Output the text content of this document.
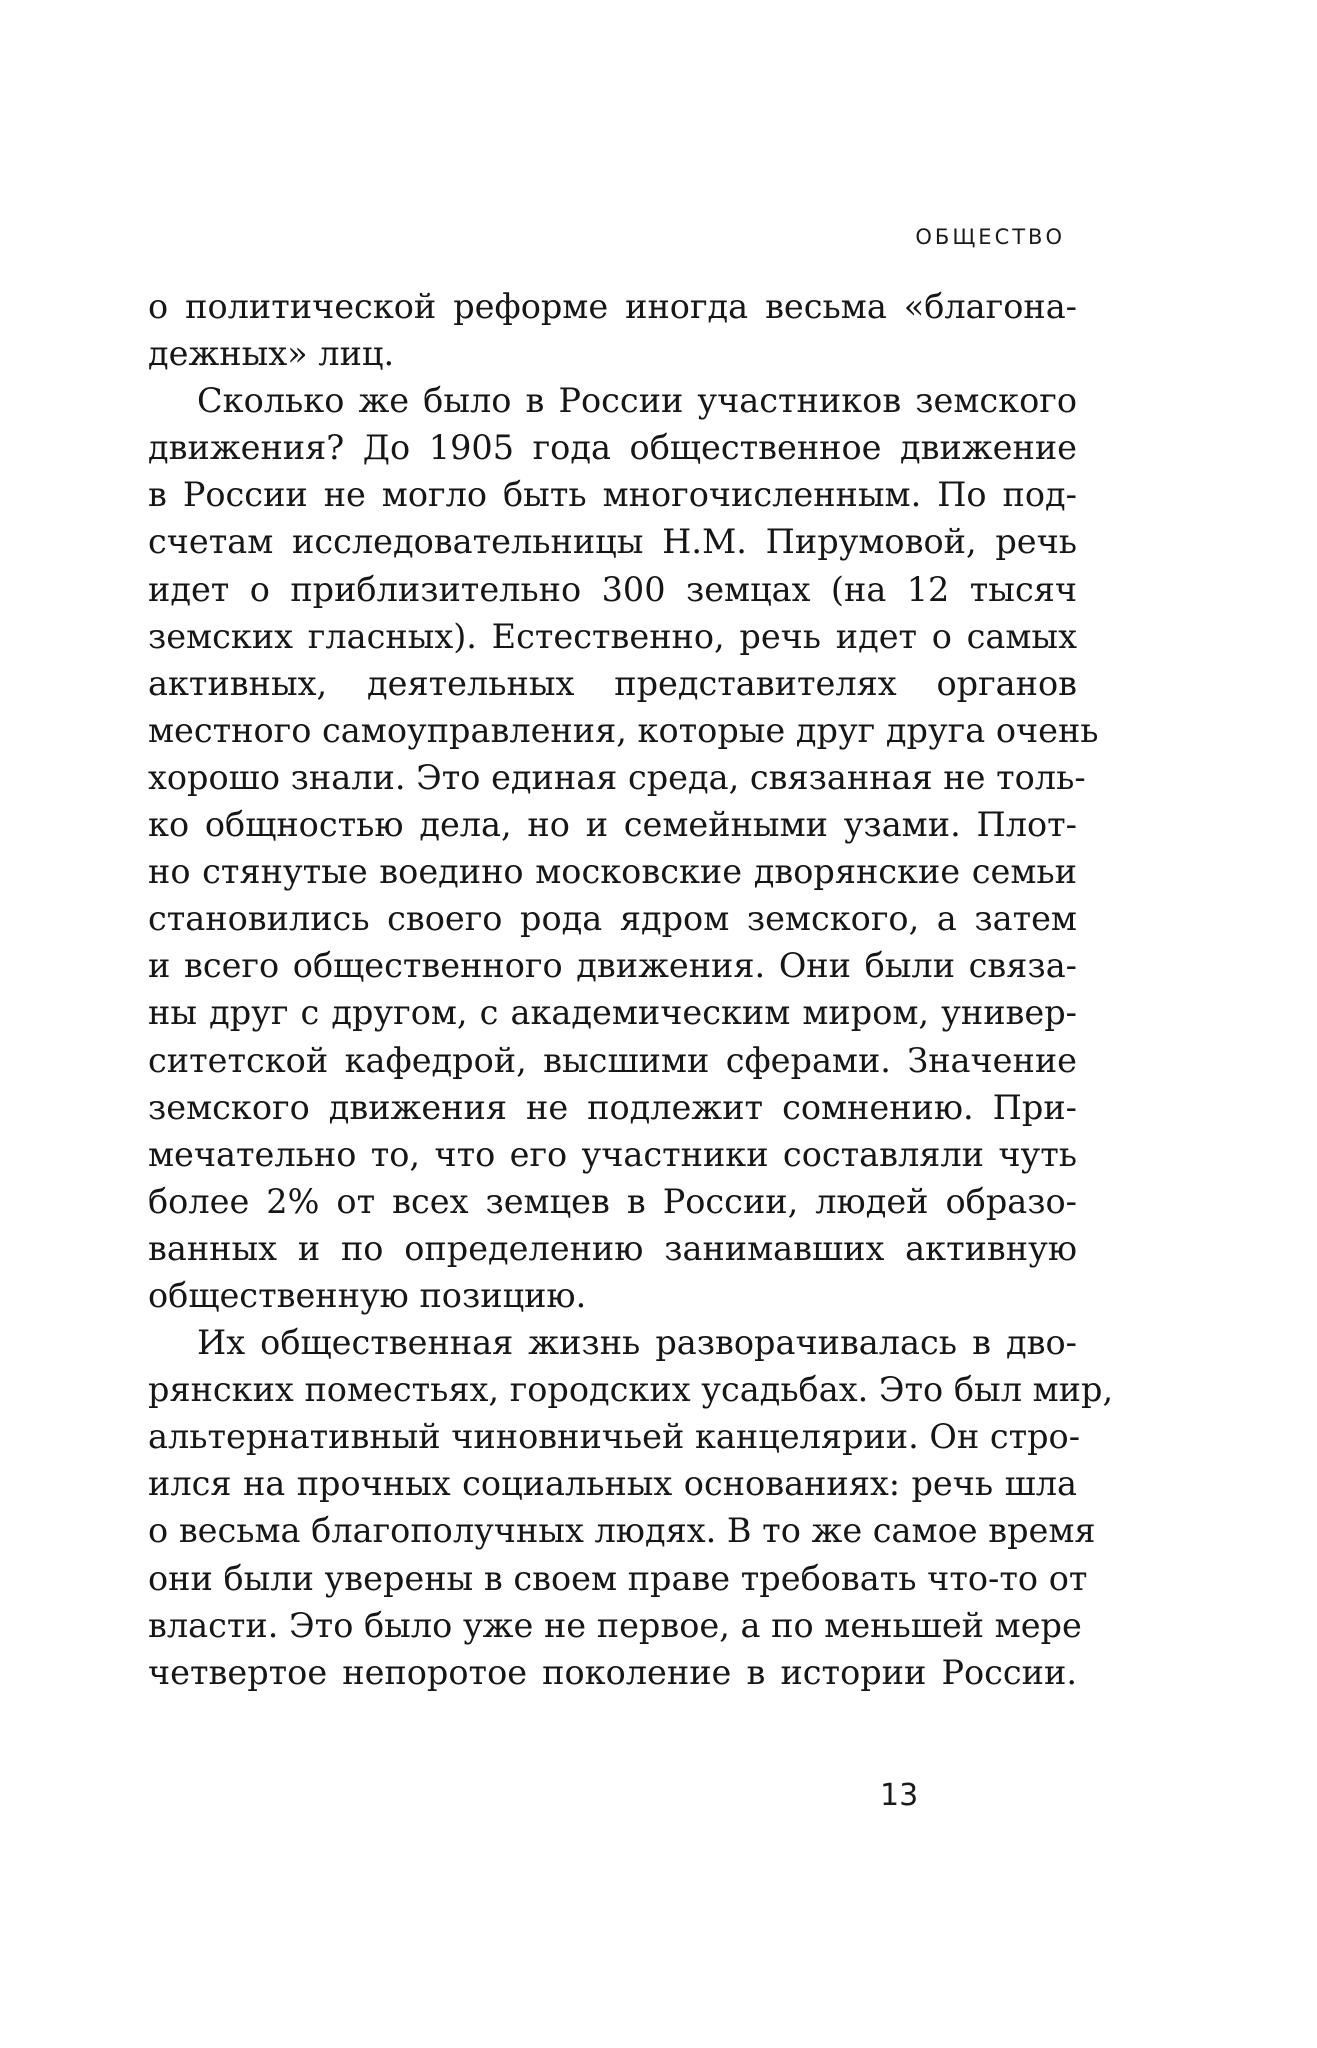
ОБЩЕСТВО
о политической реформе иногда весьма «благона-
дежных» лиц.
Сколько же было в России участников земского
движения? До 1905 года общественное движение
в России не могло быть многочисленным. По под-
счетам исследовательницы Н.М. Пирумовой, речь
идет о приблизительно 300 земцах (на 12 тысяч
земских гласных). Естественно, речь идет о самых
активных, деятельных представителях органов
местного самоуправления, которые друг друга очень
хорошо знали. Это единая среда, связанная не толь-
ко общностью дела, но и семейными узами. Плот-
но стянутые воедино московские дворянские семьи
становились своего рода ядром земского, а затем
и всего общественного движения. Они были связа-
ны друг с другом, с академическим миром, универ-
ситетской кафедрой, высшими сферами. Значение
земского движения не подлежит сомнению. При-
мечательно то, что его участники составляли чуть
более 2% от всех земцев в России, людей образо-
ванных и по определению занимавших активную
общественную позицию.
Их общественная жизнь разворачивалась в дво-
рянских поместьях, городских усадьбах. Это был мир,
альтернативный чиновничьей канцелярии. Он стро-
ился на прочных социальных основаниях: речь шла
о весьма благополучных людях. В то же самое время
они были уверены в своем праве требовать что-то от
власти. Это было уже не первое, а по меньшей мере
четвертое непоротое поколение в истории России.
13
